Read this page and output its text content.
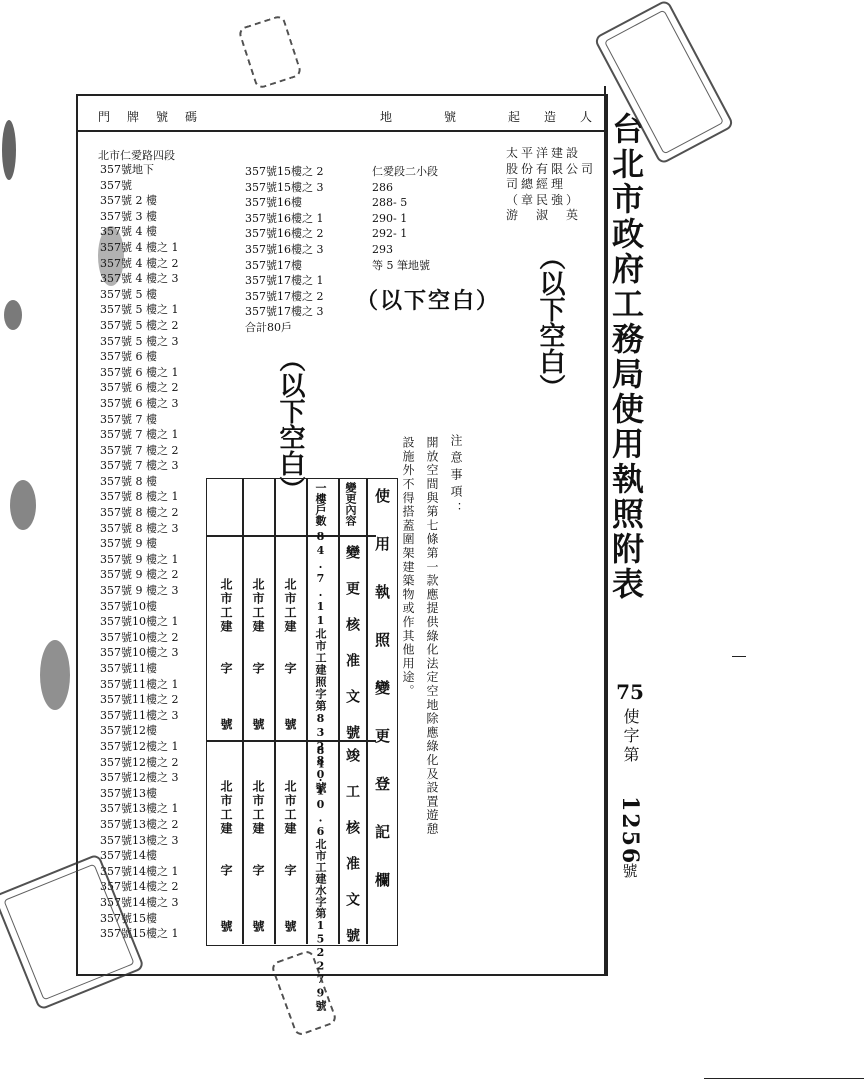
門牌號碼	地號 起造人
台北市政府工務局使用執照附表
75
使字第
1256
號
北市仁愛路四段
357號地下
357號
357號 2 樓
357號 3 樓
357號 4 樓
357號 4 樓之 1
357號 4 樓之 2
357號 4 樓之 3
357號 5 樓
357號 5 樓之 1
357號 5 樓之 2
357號 5 樓之 3
357號 6 樓
357號 6 樓之 1
357號 6 樓之 2
357號 6 樓之 3
357號 7 樓
357號 7 樓之 1
357號 7 樓之 2
357號 7 樓之 3
357號 8 樓
357號 8 樓之 1
357號 8 樓之 2
357號 8 樓之 3
357號 9 樓
357號 9 樓之 1
357號 9 樓之 2
357號 9 樓之 3
357號10樓
357號10樓之 1
357號10樓之 2
357號10樓之 3
357號11樓
357號11樓之 1
357號11樓之 2
357號11樓之 3
357號12樓
357號12樓之 1
357號12樓之 2
357號12樓之 3
357號13樓
357號13樓之 1
357號13樓之 2
357號13樓之 3
357號14樓
357號14樓之 1
357號14樓之 2
357號14樓之 3
357號15樓
357號15樓之 1
357號15樓之 2
357號15樓之 3
357號16樓
357號16樓之 1
357號16樓之 2
357號16樓之 3
357號17樓
357號17樓之 1
357號17樓之 2
357號17樓之 3
合計80戶
仁愛段二小段
286
288- 5
290- 1
292- 1
293
等 5 筆地號
太平洋建設
股份有限公司
司總經理
（章民強）
游　淑　英
（以下空白） （以下空白）
（以下空白）	注意事項：
開放空間與第七條第一款應提供綠化法定空地除應綠化及設置遊憩
設施外不得搭蓋圍架建築物或作其他用途。
使用執照變更登記欄
變更內容
變更核准文號
竣工核准文號
一樓戶數
84.7.11北市工建照字第83280號
84.10.6北市工建水字第152279號
北市工建　　字　　　號
北市工建　　字　　　號
北市工建　　字　　　號
北市工建　　字　　　號
北市工建　　字　　　號
北市工建　　字　　　號
